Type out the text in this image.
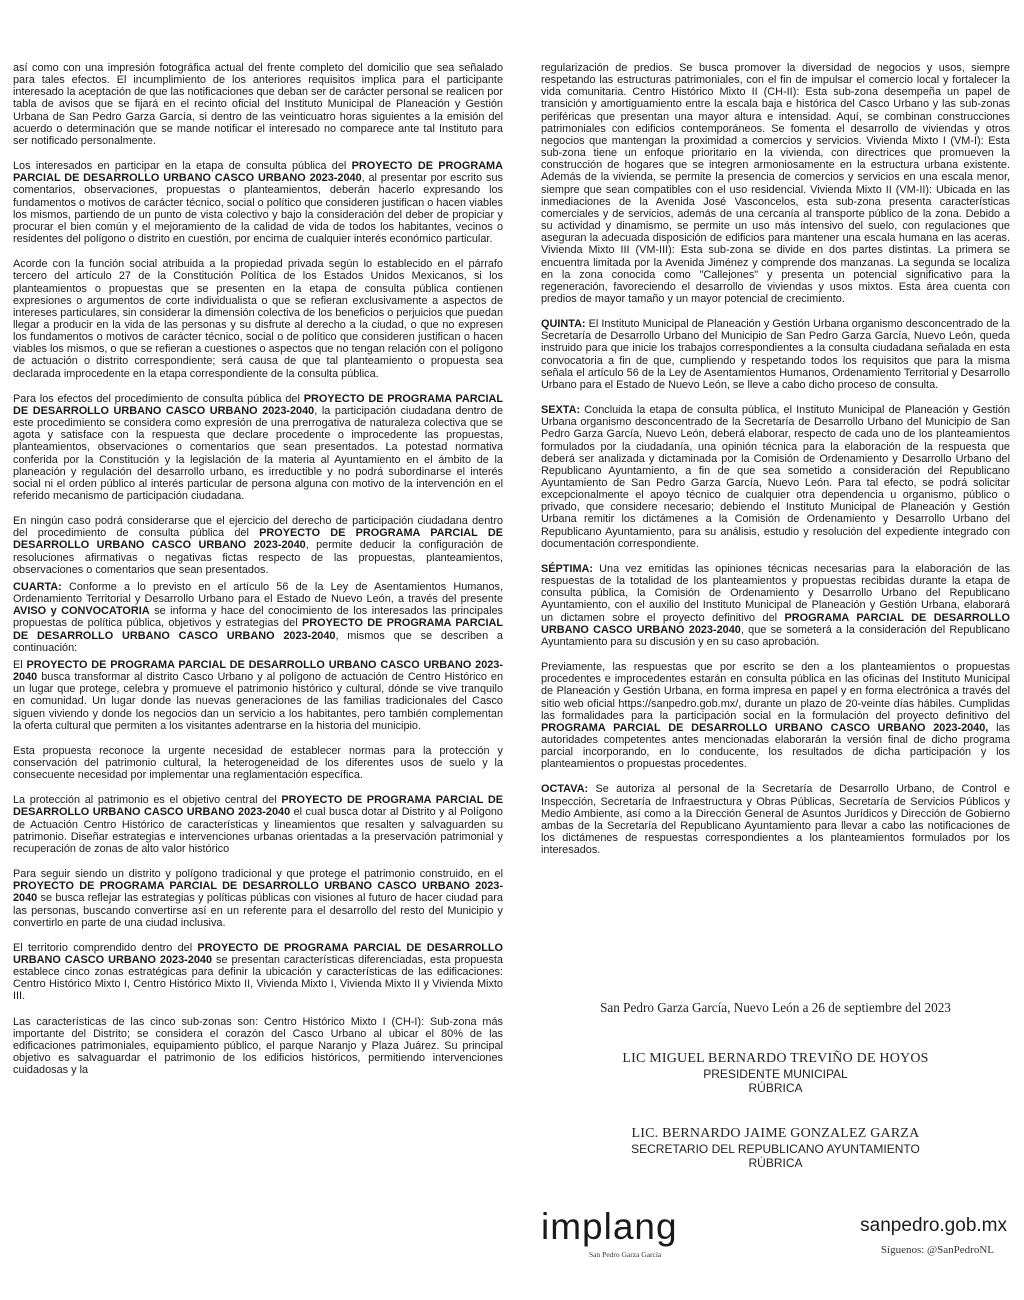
así como con una impresión fotográfica actual del frente completo del domicilio que sea señalado para tales efectos. El incumplimiento de los anteriores requisitos implica para el participante interesado la aceptación de que las notificaciones que deban ser de carácter personal se realicen por tabla de avisos que se fijará en el recinto oficial del Instituto Municipal de Planeación y Gestión Urbana de San Pedro Garza García, si dentro de las veinticuatro horas siguientes a la emisión del acuerdo o determinación que se mande notificar el interesado no comparece ante tal Instituto para ser notificado personalmente.

Los interesados en participar en la etapa de consulta pública del PROYECTO DE PROGRAMA PARCIAL DE DESARROLLO URBANO CASCO URBANO 2023-2040, al presentar por escrito sus comentarios, observaciones, propuestas o planteamientos, deberán hacerlo expresando los fundamentos o motivos de carácter técnico, social o político que consideren justifican o hacen viables los mismos, partiendo de un punto de vista colectivo y bajo la consideración del deber de propiciar y procurar el bien común y el mejoramiento de la calidad de vida de todos los habitantes, vecinos o residentes del polígono o distrito en cuestión, por encima de cualquier interés económico particular.

Acorde con la función social atribuida a la propiedad privada según lo establecido en el párrafo tercero del artículo 27 de la Constitución Política de los Estados Unidos Mexicanos, si los planteamientos o propuestas que se presenten en la etapa de consulta pública contienen expresiones o argumentos de corte individualista o que se refieran exclusivamente a aspectos de intereses particulares, sin considerar la dimensión colectiva de los beneficios o perjuicios que puedan llegar a producir en la vida de las personas y su disfrute al derecho a la ciudad, o que no expresen los fundamentos o motivos de carácter técnico, social o de político que consideren justifican o hacen viables los mismos, o que se refieran a cuestiones o aspectos que no tengan relación con el polígono de actuación o distrito correspondiente; será causa de que tal planteamiento o propuesta sea declarada improcedente en la etapa correspondiente de la consulta pública.

Para los efectos del procedimiento de consulta pública del PROYECTO DE PROGRAMA PARCIAL DE DESARROLLO URBANO CASCO URBANO 2023-2040, la participación ciudadana dentro de este procedimiento se considera como expresión de una prerrogativa de naturaleza colectiva que se agota y satisface con la respuesta que declare procedente o improcedente las propuestas, planteamientos, observaciones o comentarios que sean presentados. La potestad normativa conferida por la Constitución y la legislación de la materia al Ayuntamiento en el ámbito de la planeación y regulación del desarrollo urbano, es irreductible y no podrá subordinarse el interés social ni el orden público al interés particular de persona alguna con motivo de la intervención en el referido mecanismo de participación ciudadana.

En ningún caso podrá considerarse que el ejercicio del derecho de participación ciudadana dentro del procedimiento de consulta pública del PROYECTO DE PROGRAMA PARCIAL DE DESARROLLO URBANO CASCO URBANO 2023-2040, permite deducir la configuración de resoluciones afirmativas o negativas fictas respecto de las propuestas, planteamientos, observaciones o comentarios que sean presentados.

CUARTA: Conforme a lo previsto en el artículo 56 de la Ley de Asentamientos Humanos, Ordenamiento Territorial y Desarrollo Urbano para el Estado de Nuevo León, a través del presente AVISO y CONVOCATORIA se informa y hace del conocimiento de los interesados las principales propuestas de política pública, objetivos y estrategias del PROYECTO DE PROGRAMA PARCIAL DE DESARROLLO URBANO CASCO URBANO 2023-2040, mismos que se describen a continuación:

El PROYECTO DE PROGRAMA PARCIAL DE DESARROLLO URBANO CASCO URBANO 2023-2040 busca transformar al distrito Casco Urbano y al polígono de actuación de Centro Histórico en un lugar que protege, celebra y promueve el patrimonio histórico y cultural, dónde se vive tranquilo en comunidad. Un lugar donde las nuevas generaciones de las familias tradicionales del Casco siguen viviendo y donde los negocios dan un servicio a los habitantes, pero también complementan la oferta cultural que permiten a los visitantes adentrarse en la historia del municipio.

Esta propuesta reconoce la urgente necesidad de establecer normas para la protección y conservación del patrimonio cultural, la heterogeneidad de los diferentes usos de suelo y la consecuente necesidad por implementar una reglamentación específica.

La protección al patrimonio es el objetivo central del PROYECTO DE PROGRAMA PARCIAL DE DESARROLLO URBANO CASCO URBANO 2023-2040 el cual busca dotar al Distrito y al Polígono de Actuación Centro Histórico de características y lineamientos que resalten y salvaguarden su patrimonio. Diseñar estrategias e intervenciones urbanas orientadas a la preservación patrimonial y recuperación de zonas de alto valor histórico

Para seguir siendo un distrito y polígono tradicional y que protege el patrimonio construido, en el PROYECTO DE PROGRAMA PARCIAL DE DESARROLLO URBANO CASCO URBANO 2023-2040 se busca reflejar las estrategias y políticas públicas con visiones al futuro de hacer ciudad para las personas, buscando convertirse así en un referente para el desarrollo del resto del Municipio y convertirlo en parte de una ciudad inclusiva.

El territorio comprendido dentro del PROYECTO DE PROGRAMA PARCIAL DE DESARROLLO URBANO CASCO URBANO 2023-2040 se presentan características diferenciadas, esta propuesta establece cinco zonas estratégicas para definir la ubicación y características de las edificaciones: Centro Histórico Mixto I, Centro Histórico Mixto II, Vivienda Mixto I, Vivienda Mixto II y Vivienda Mixto III.

Las características de las cinco sub-zonas son: Centro Histórico Mixto I (CH-I): Sub-zona más importante del Distrito; se considera el corazón del Casco Urbano al ubicar el 80% de las edificaciones patrimoniales, equipamiento público, el parque Naranjo y Plaza Juárez. Su principal objetivo es salvaguardar el patrimonio de los edificios históricos, permitiendo intervenciones cuidadosas y la

regularización de predios. Se busca promover la diversidad de negocios y usos, siempre respetando las estructuras patrimoniales, con el fin de impulsar el comercio local y fortalecer la vida comunitaria. Centro Histórico Mixto II (CH-II): Esta sub-zona desempeña un papel de transición y amortiguamiento entre la escala baja e histórica del Casco Urbano y las sub-zonas periféricas que presentan una mayor altura e intensidad. Aquí, se combinan construcciones patrimoniales con edificios contemporáneos. Se fomenta el desarrollo de viviendas y otros negocios que mantengan la proximidad a comercios y servicios. Vivienda Mixto I (VM-I): Esta sub-zona tiene un enfoque prioritario en la vivienda, con directrices que promueven la construcción de hogares que se integren armoniosamente en la estructura urbana existente. Además de la vivienda, se permite la presencia de comercios y servicios en una escala menor, siempre que sean compatibles con el uso residencial. Vivienda Mixto II (VM-II): Ubicada en las inmediaciones de la Avenida José Vasconcelos, esta sub-zona presenta características comerciales y de servicios, además de una cercanía al transporte público de la zona. Debido a su actividad y dinamismo, se permite un uso más intensivo del suelo, con regulaciones que aseguran la adecuada disposición de edificios para mantener una escala humana en las aceras. Vivienda Mixto III (VM-III): Esta sub-zona se divide en dos partes distintas. La primera se encuentra limitada por la Avenida Jiménez y comprende dos manzanas. La segunda se localiza en la zona conocida como "Callejones" y presenta un potencial significativo para la regeneración, favoreciendo el desarrollo de viviendas y usos mixtos. Esta área cuenta con predios de mayor tamaño y un mayor potencial de crecimiento.

QUINTA: El Instituto Municipal de Planeación y Gestión Urbana organismo desconcentrado de la Secretaría de Desarrollo Urbano del Municipio de San Pedro Garza García, Nuevo León, queda instruido para que inicie los trabajos correspondientes a la consulta ciudadana señalada en esta convocatoria a fin de que, cumpliendo y respetando todos los requisitos que para la misma señala el artículo 56 de la Ley de Asentamientos Humanos, Ordenamiento Territorial y Desarrollo Urbano para el Estado de Nuevo León, se lleve a cabo dicho proceso de consulta.

SEXTA: Concluida la etapa de consulta pública, el Instituto Municipal de Planeación y Gestión Urbana organismo desconcentrado de la Secretaría de Desarrollo Urbano del Municipio de San Pedro Garza García, Nuevo León, deberá elaborar, respecto de cada uno de los planteamientos formulados por la ciudadanía, una opinión técnica para la elaboración de la respuesta que deberá ser analizada y dictaminada por la Comisión de Ordenamiento y Desarrollo Urbano del Republicano Ayuntamiento, a fin de que sea sometido a consideración del Republicano Ayuntamiento de San Pedro Garza García, Nuevo León. Para tal efecto, se podrá solicitar excepcionalmente el apoyo técnico de cualquier otra dependencia u organismo, público o privado, que considere necesario; debiendo el Instituto Municipal de Planeación y Gestión Urbana remitir los dictámenes a la Comisión de Ordenamiento y Desarrollo Urbano del Republicano Ayuntamiento, para su análisis, estudio y resolución del expediente integrado con documentación correspondiente.

SÉPTIMA: Una vez emitidas las opiniones técnicas necesarias para la elaboración de las respuestas de la totalidad de los planteamientos y propuestas recibidas durante la etapa de consulta pública, la Comisión de Ordenamiento y Desarrollo Urbano del Republicano Ayuntamiento, con el auxilio del Instituto Municipal de Planeación y Gestión Urbana, elaborará un dictamen sobre el proyecto definitivo del PROGRAMA PARCIAL DE DESARROLLO URBANO CASCO URBANO 2023-2040, que se someterá a la consideración del Republicano Ayuntamiento para su discusión y en su caso aprobación.

Previamente, las respuestas que por escrito se den a los planteamientos o propuestas procedentes e improcedentes estarán en consulta pública en las oficinas del Instituto Municipal de Planeación y Gestión Urbana, en forma impresa en papel y en forma electrónica a través del sitio web oficial https://sanpedro.gob.mx/, durante un plazo de 20-veinte días hábiles. Cumplidas las formalidades para la participación social en la formulación del proyecto definitivo del PROGRAMA PARCIAL DE DESARROLLO URBANO CASCO URBANO 2023-2040, las autoridades competentes antes mencionadas elaborarán la versión final de dicho programa parcial incorporando, en lo conducente, los resultados de dicha participación y los planteamientos o propuestas procedentes.

OCTAVA: Se autoriza al personal de la Secretaría de Desarrollo Urbano, de Control e Inspección, Secretaría de Infraestructura y Obras Públicas, Secretaría de Servicios Públicos y Medio Ambiente, así como a la Dirección General de Asuntos Jurídicos y Dirección de Gobierno ambas de la Secretaría del Republicano Ayuntamiento para llevar a cabo las notificaciones de los dictámenes de respuestas correspondientes a los planteamientos formulados por los interesados.

San Pedro Garza García, Nuevo León a 26 de septiembre del 2023
LIC MIGUEL BERNARDO TREVIÑO DE HOYOS
PRESIDENTE MUNICIPAL
RÚBRICA
LIC. BERNARDO JAIME GONZALEZ GARZA
SECRETARIO DEL REPUBLICANO AYUNTAMIENTO
RÚBRICA
implang
San Pedro Garza García
sanpedro.gob.mx
Síguenos: @SanPedroNL
